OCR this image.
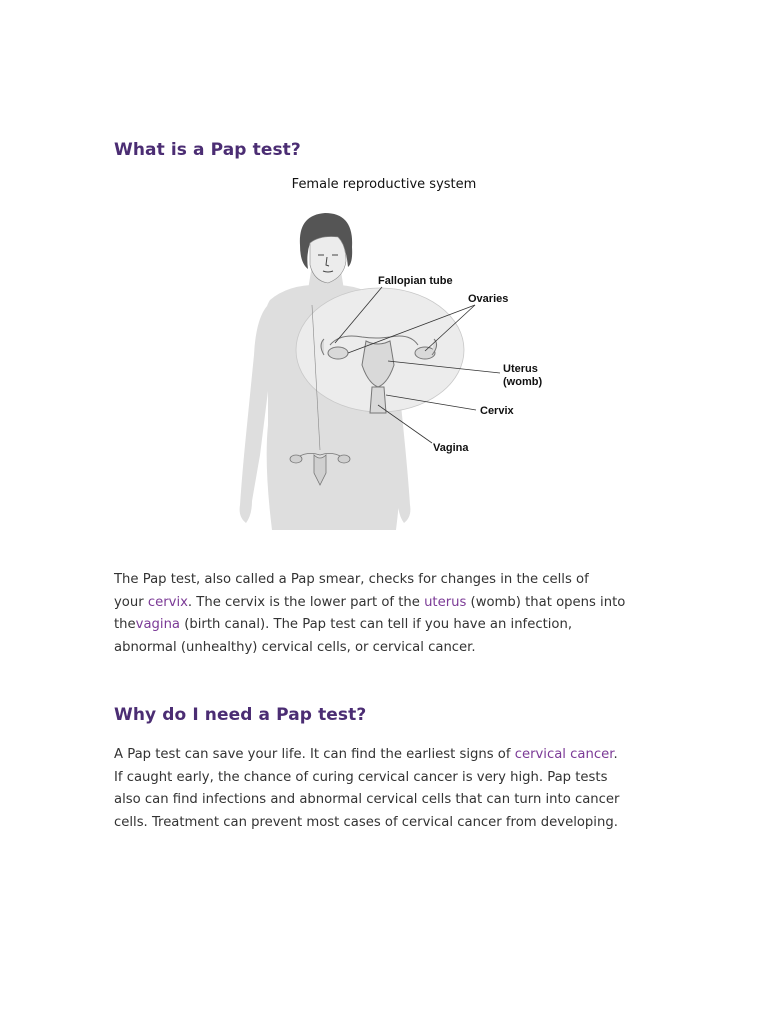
What is a Pap test?
Female reproductive system
Fallopian tube
Ovaries
Uterus
(womb)
Cervix
Vagina

The Pap test, also called a Pap smear, checks for changes in the cells of
your cervix. The cervix is the lower part of the uterus (womb) that opens into
thevagina (birth canal). The Pap test can tell if you have an infection,
abnormal (unhealthy) cervical cells, or cervical cancer.

Why do I need a Pap test?

A Pap test can save your life. It can find the earliest signs of cervical cancer.
If caught early, the chance of curing cervical cancer is very high. Pap tests
also can find infections and abnormal cervical cells that can turn into cancer
cells. Treatment can prevent most cases of cervical cancer from developing.
